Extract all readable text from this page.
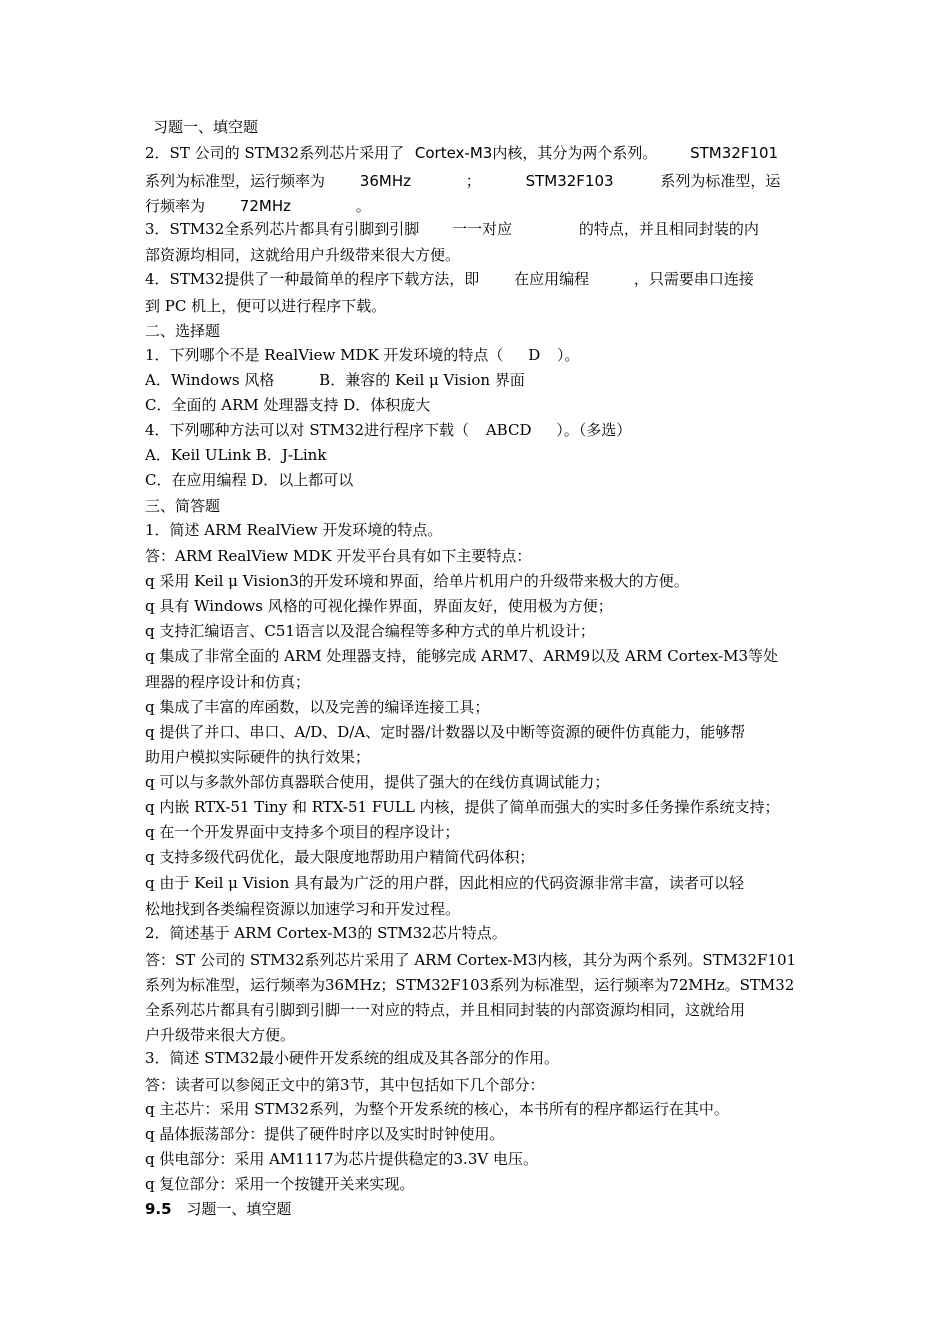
习题一、填空题
2．ST 公司的 STM32系列芯片采用了 Cortex-M3内核，其分为两个系列。 STM32F101
系列为标准型，运行频率为 36MHz	；	STM32F103	系列为标准型，运
行频率为 72MHz	。
3．STM32全系列芯片都具有引脚到引脚 一一对应	的特点，并且相同封装的内
部资源均相同，这就给用户升级带来很大方便。
4．STM32提供了一种最简单的程序下载方法，即 在应用编程	，只需要串口连接
到 PC 机上，便可以进行程序下载。
二、选择题
1．下列哪个不是 RealView MDK 开发环境的特点（ D ）。
A．Windows 风格	B．兼容的 Keil μ Vision 界面
C．全面的 ARM 处理器支持 D．体积庞大
4．下列哪种方法可以对 STM32进行程序下载（ ABCD ）。（多选）
A．Keil ULink B．J-Link
C．在应用编程 D．以上都可以
三、简答题
1．简述 ARM RealView 开发环境的特点。
答：ARM RealView MDK 开发平台具有如下主要特点：
q 采用 Keil μ Vision3的开发环境和界面，给单片机用户的升级带来极大的方便。
q 具有 Windows 风格的可视化操作界面，界面友好，使用极为方便；
q 支持汇编语言、C51语言以及混合编程等多种方式的单片机设计；
q 集成了非常全面的 ARM 处理器支持，能够完成 ARM7、ARM9以及 ARM Cortex-M3等处
理器的程序设计和仿真；
q 集成了丰富的库函数，以及完善的编译连接工具；
q 提供了并口、串口、A/D、D/A、定时器/计数器以及中断等资源的硬件仿真能力，能够帮
助用户模拟实际硬件的执行效果；
q 可以与多款外部仿真器联合使用，提供了强大的在线仿真调试能力；
q 内嵌 RTX-51 Tiny 和 RTX-51 FULL 内核，提供了简单而强大的实时多任务操作系统支持；
q 在一个开发界面中支持多个项目的程序设计；
q 支持多级代码优化，最大限度地帮助用户精简代码体积；
q 由于 Keil μ Vision 具有最为广泛的用户群，因此相应的代码资源非常丰富，读者可以轻
松地找到各类编程资源以加速学习和开发过程。
2．简述基于 ARM Cortex-M3的 STM32芯片特点。
答：ST 公司的 STM32系列芯片采用了 ARM Cortex-M3内核，其分为两个系列。STM32F101
系列为标准型，运行频率为36MHz；STM32F103系列为标准型，运行频率为72MHz。STM32
全系列芯片都具有引脚到引脚一一对应的特点，并且相同封装的内部资源均相同，这就给用
户升级带来很大方便。
3．简述 STM32最小硬件开发系统的组成及其各部分的作用。
答：读者可以参阅正文中的第3节，其中包括如下几个部分：
q 主芯片：采用 STM32系列，为整个开发系统的核心，本书所有的程序都运行在其中。
q 晶体振荡部分：提供了硬件时序以及实时时钟使用。
q 供电部分：采用 AM1117为芯片提供稳定的3.3V 电压。
q 复位部分：采用一个按键开关来实现。
9.5 习题一、填空题
